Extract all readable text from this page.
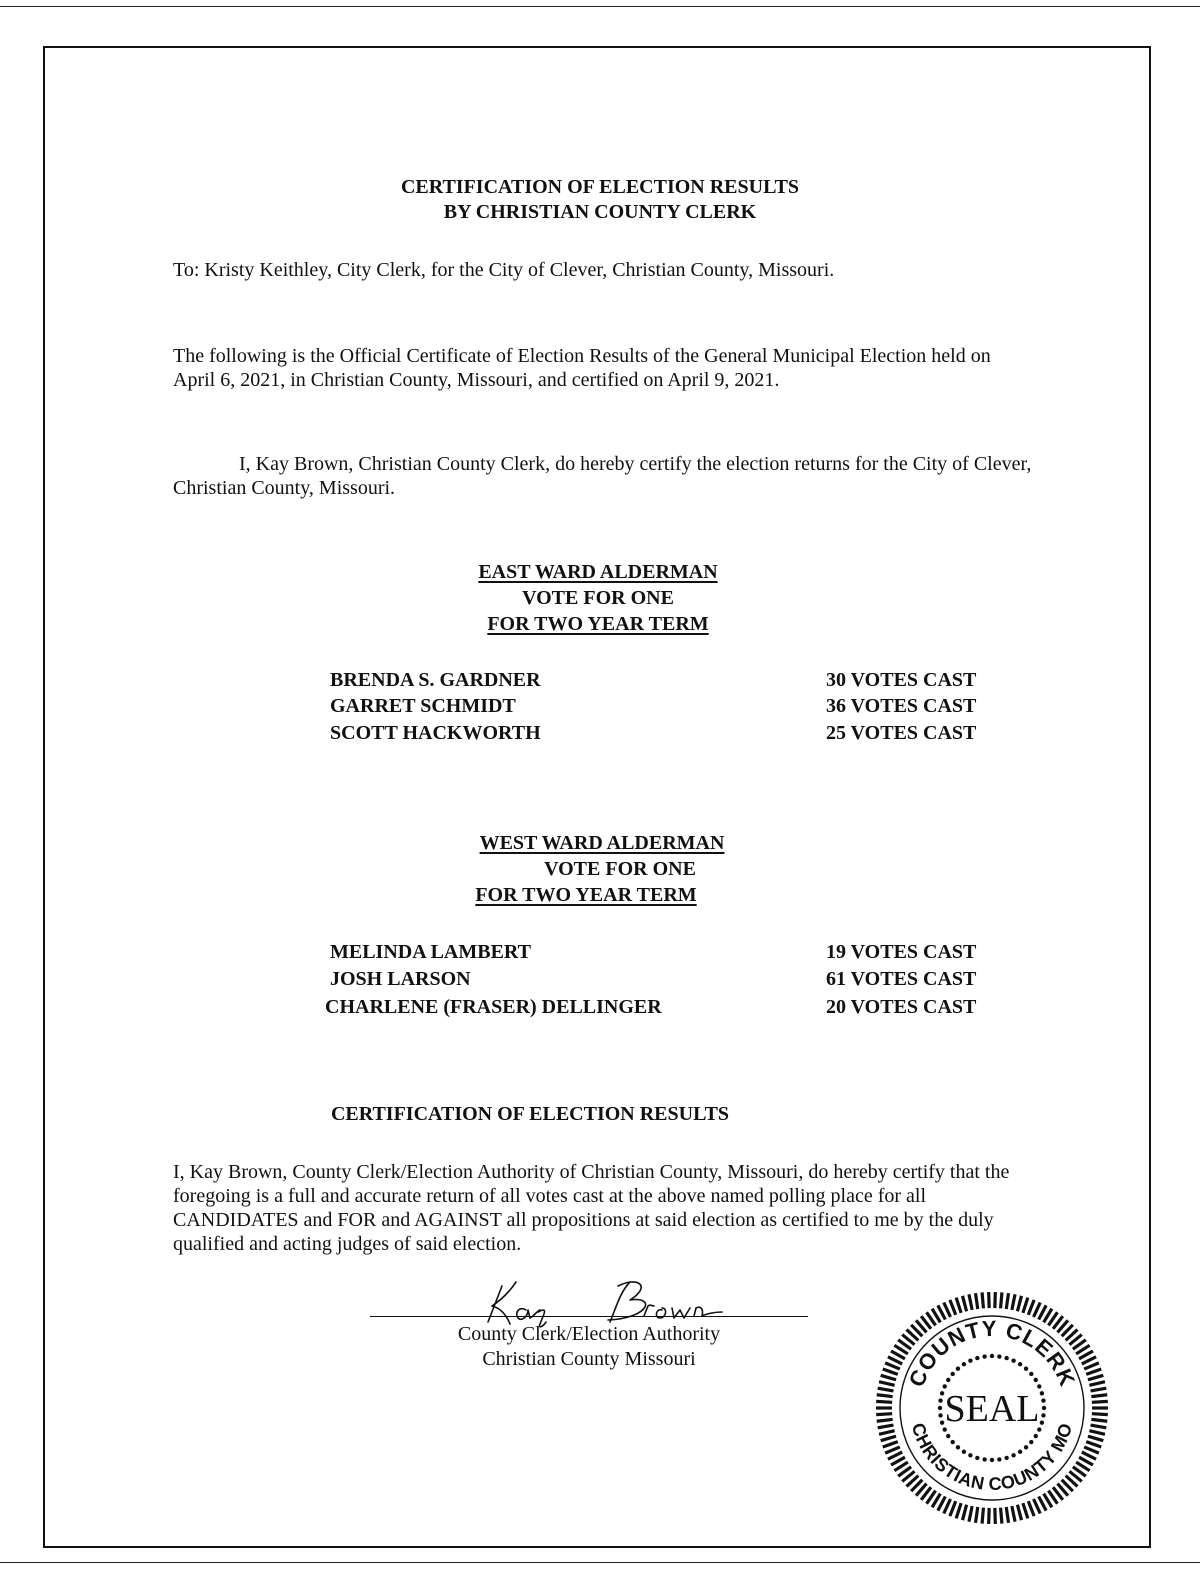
CERTIFICATION OF ELECTION RESULTS
BY CHRISTIAN COUNTY CLERK
To: Kristy Keithley, City Clerk, for the City of Clever, Christian County, Missouri.
The following is the Official Certificate of Election Results of the General Municipal Election held on April 6, 2021, in Christian County, Missouri, and certified on April 9, 2021.
I, Kay Brown, Christian County Clerk, do hereby certify the election returns for the City of Clever, Christian County, Missouri.
EAST WARD ALDERMAN
VOTE FOR ONE
FOR TWO YEAR TERM
BRENDA S. GARDNER	30 VOTES CAST
GARRET SCHMIDT	36 VOTES CAST
SCOTT HACKWORTH	25 VOTES CAST
WEST WARD ALDERMAN
VOTE FOR ONE
FOR TWO YEAR TERM
MELINDA LAMBERT	19 VOTES CAST
JOSH LARSON	61 VOTES CAST
CHARLENE (FRASER) DELLINGER	20 VOTES CAST
CERTIFICATION OF ELECTION RESULTS
I, Kay Brown, County Clerk/Election Authority of Christian County, Missouri, do hereby certify that the foregoing is a full and accurate return of all votes cast at the above named polling place for all CANDIDATES and FOR and AGAINST all propositions at said election as certified to me by the duly qualified and acting judges of said election.
County Clerk/Election Authority
Christian County Missouri
COUNTY CLERK
CHRISTIAN COUNTY MO
SEAL
